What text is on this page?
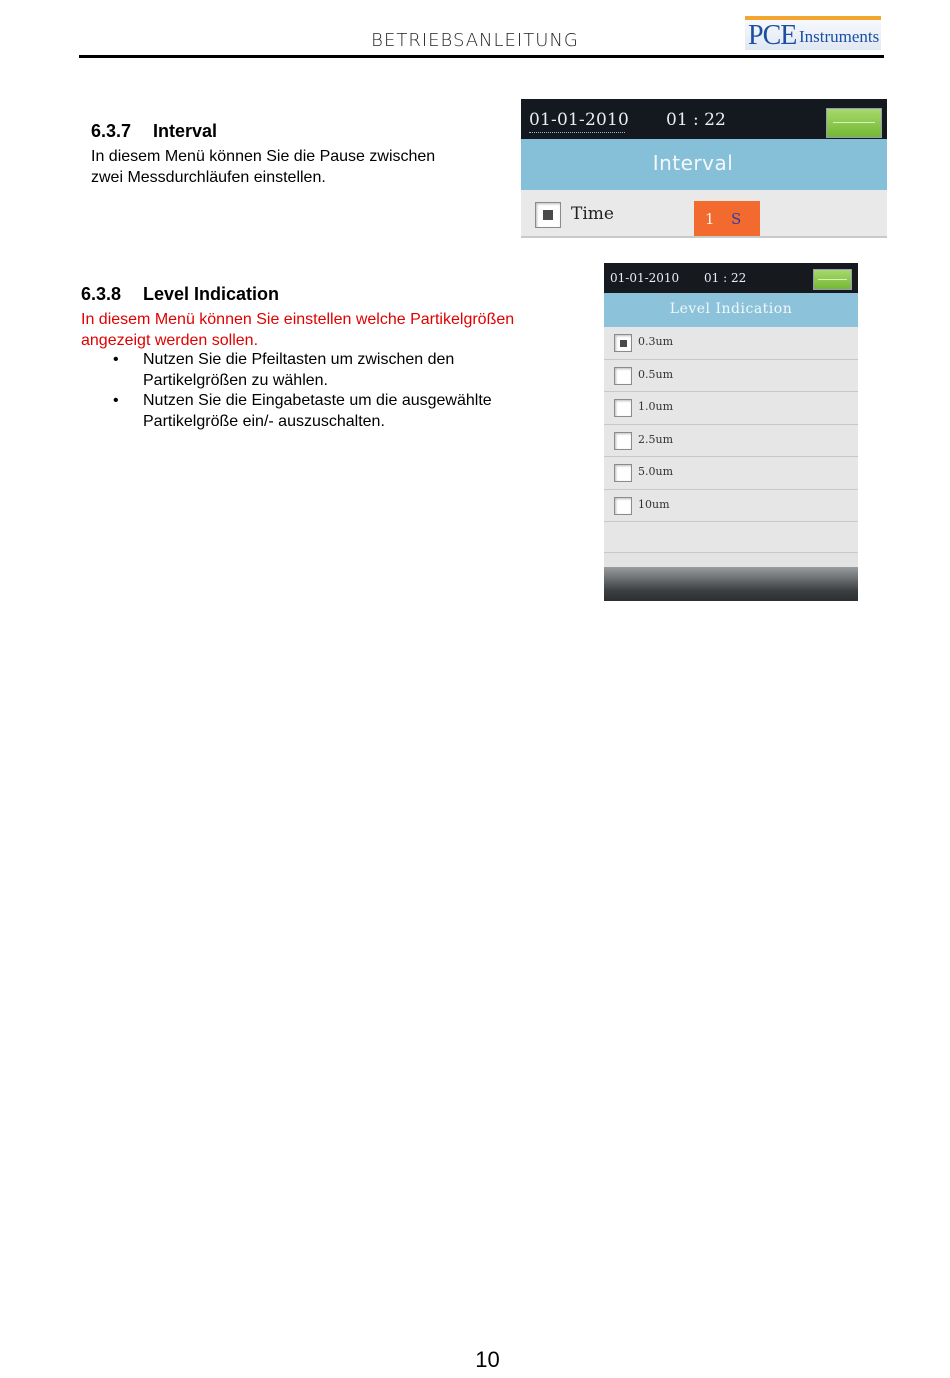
BETRIEBSANLEITUNG	PCE Instruments
6.3.7 Interval
In diesem Menü können Sie die Pause zwischen
zwei Messdurchläufen einstellen.
01-01-2010 01 : 22
Interval
Time	1 S
6.3.8 Level Indication
In diesem Menü können Sie einstellen welche Partikelgrößen
angezeigt werden sollen.
• Nutzen Sie die Pfeiltasten um zwischen den
Partikelgrößen zu wählen.
• Nutzen Sie die Eingabetaste um die ausgewählte
Partikelgröße ein/- auszuschalten.
01-01-2010 01 : 22
Level Indication
0.3um
0.5um
1.0um
2.5um
5.0um
10um
10
